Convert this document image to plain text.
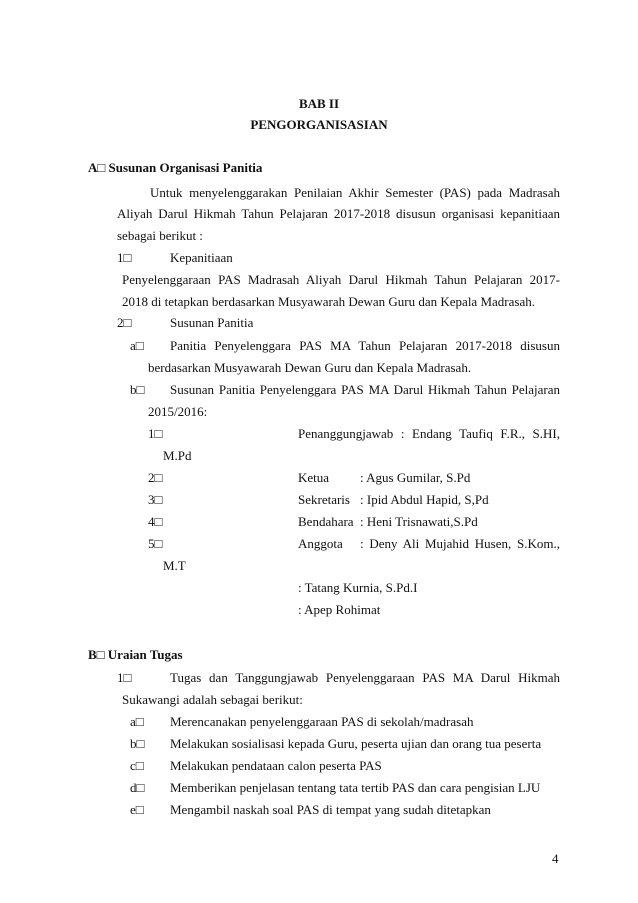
BAB II
PENGORGANISASIAN
A□ Susunan Organisasi Panitia
Untuk menyelenggarakan Penilaian Akhir Semester (PAS) pada Madrasah
Aliyah Darul Hikmah Tahun Pelajaran 2017-2018 disusun organisasi kepanitiaan
sebagai berikut :
1□	Kepanitiaan
Penyelenggaraan PAS Madrasah Aliyah Darul Hikmah Tahun Pelajaran 2017-
2018 di tetapkan berdasarkan Musyawarah Dewan Guru dan Kepala Madrasah.
2□	Susunan Panitia
a□ Panitia Penyelenggara PAS MA Tahun Pelajaran 2017-2018 disusun
berdasarkan Musyawarah Dewan Guru dan Kepala Madrasah.
b□ Susunan Panitia Penyelenggara PAS MA Darul Hikmah Tahun Pelajaran
2015/2016:
1□	Penanggungjawab : Endang Taufiq F.R., S.HI,
M.Pd
2□	Ketua : Agus Gumilar, S.Pd
3□	Sekretaris : Ipid Abdul Hapid, S,Pd
4□	Bendahara : Heni Trisnawati,S.Pd
5□	Anggota : Deny Ali Mujahid Husen, S.Kom.,
M.T
: Tatang Kurnia, S.Pd.I
: Apep Rohimat
B□ Uraian Tugas
1□	Tugas dan Tanggungjawab Penyelenggaraan PAS MA Darul Hikmah
Sukawangi adalah sebagai berikut:
a□ Merencanakan penyelenggaraan PAS di sekolah/madrasah
b□ Melakukan sosialisasi kepada Guru, peserta ujian dan orang tua peserta
c□ Melakukan pendataan calon peserta PAS
d□ Memberikan penjelasan tentang tata tertib PAS dan cara pengisian LJU
e□ Mengambil naskah soal PAS di tempat yang sudah ditetapkan
4
